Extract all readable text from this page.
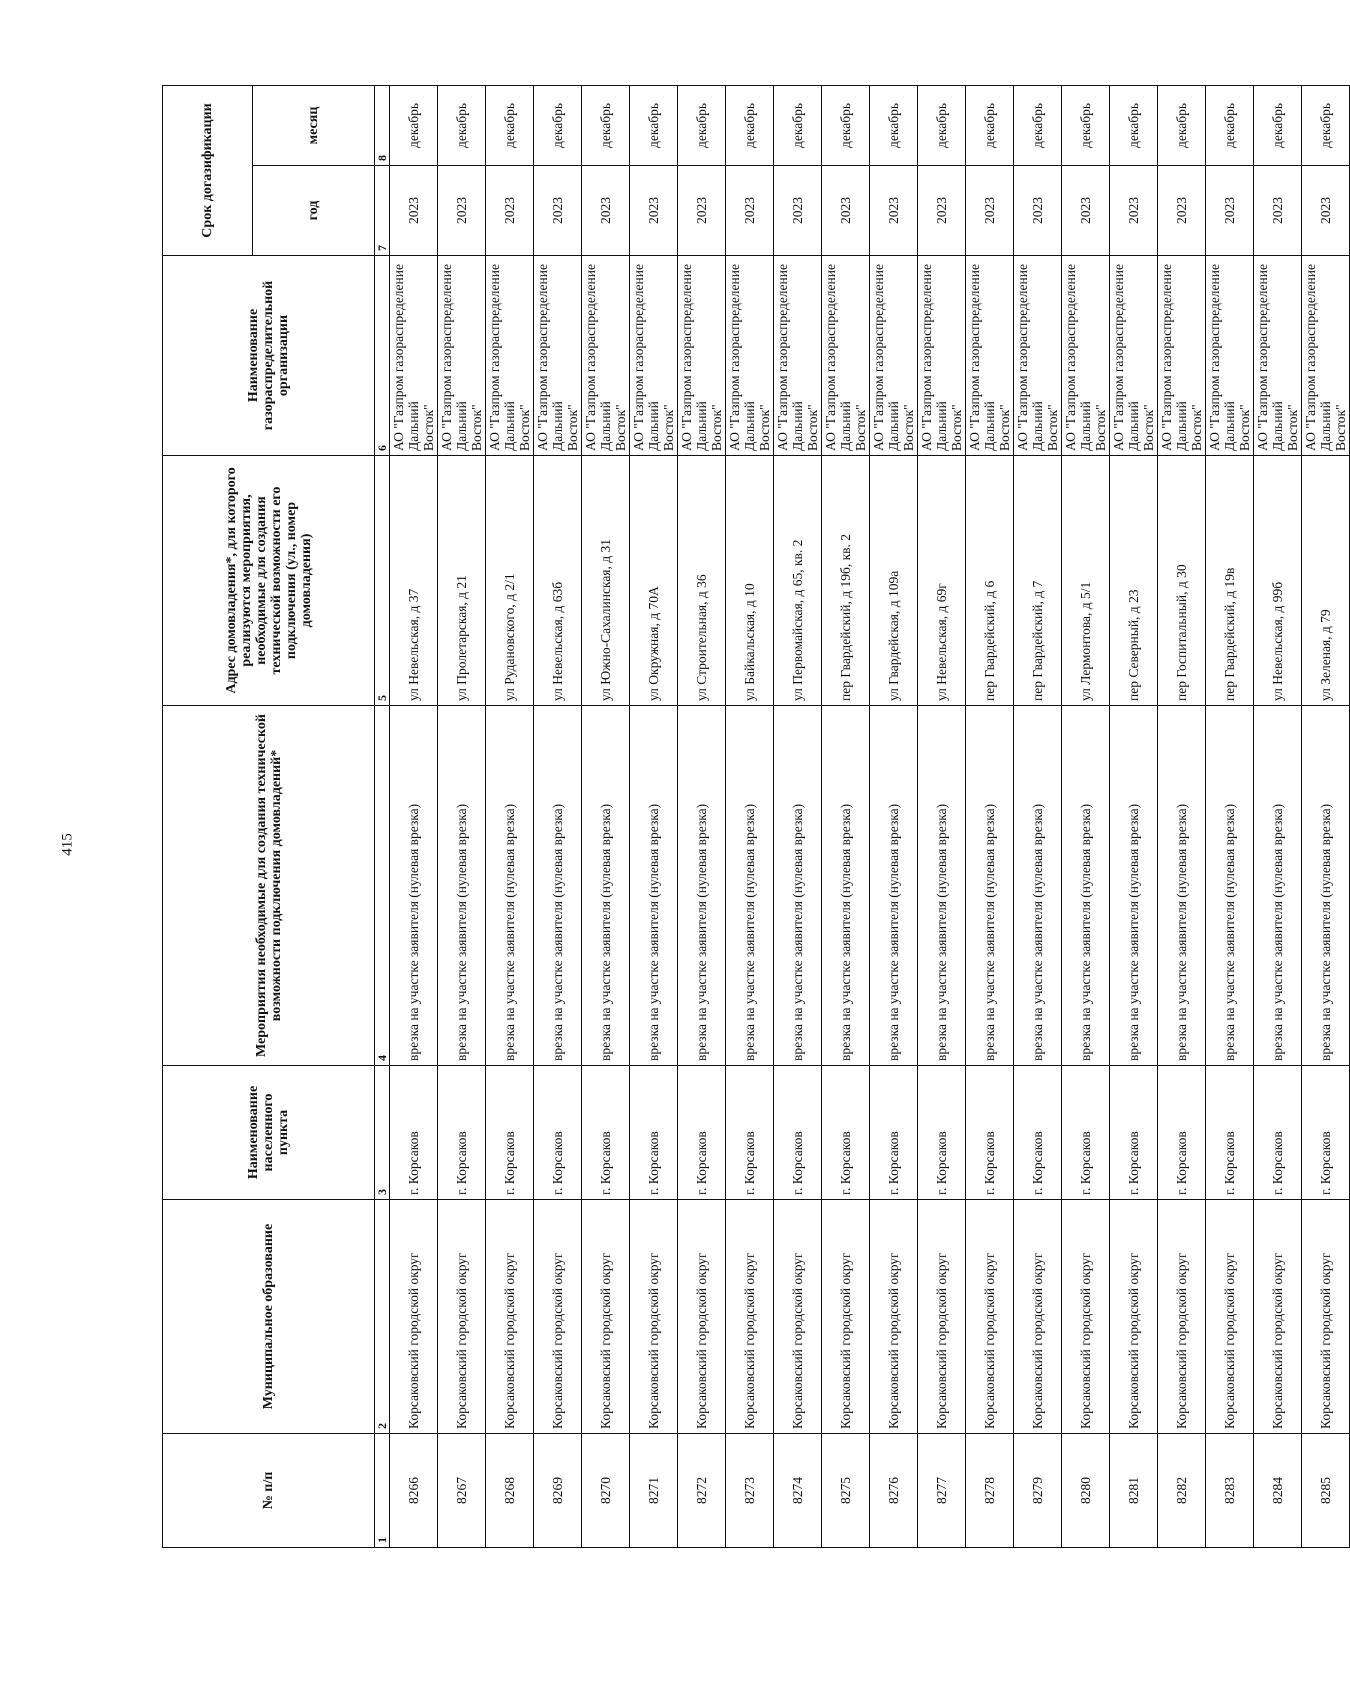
415
№ п/п	Муниципальное образование	Наименование населенного пункта	Мероприятия необходимые для создания технической возможности подключения домовладений*	Адрес домовладения*, для которого реализуются мероприятия, необходимые для создания технической возможности его подключения (ул., номер домовладения)	Наименование газораспределительной организации	Срок догазификации	
						год	месяц
1	2	3	4	5	6	7	8
8266	Корсаковский городской округ	г. Корсаков	врезка на участке заявителя (нулевая врезка)	ул Невельская, д 37	АО "Газпром газораспределение Дальний
Восток"	2023	декабрь
8267	Корсаковский городской округ	г. Корсаков	врезка на участке заявителя (нулевая врезка)	ул Пролетарская, д 21	АО "Газпром газораспределение Дальний
Восток"	2023	декабрь
8268	Корсаковский городской округ	г. Корсаков	врезка на участке заявителя (нулевая врезка)	ул Рудановского, д 2/1	АО "Газпром газораспределение Дальний
Восток"	2023	декабрь
8269	Корсаковский городской округ	г. Корсаков	врезка на участке заявителя (нулевая врезка)	ул Невельская, д 63б	АО "Газпром газораспределение Дальний
Восток"	2023	декабрь
8270	Корсаковский городской округ	г. Корсаков	врезка на участке заявителя (нулевая врезка)	ул Южно-Сахалинская, д 31	АО "Газпром газораспределение Дальний
Восток"	2023	декабрь
8271	Корсаковский городской округ	г. Корсаков	врезка на участке заявителя (нулевая врезка)	ул Окружная, д 70А	АО "Газпром газораспределение Дальний
Восток"	2023	декабрь
8272	Корсаковский городской округ	г. Корсаков	врезка на участке заявителя (нулевая врезка)	ул Строительная, д 36	АО "Газпром газораспределение Дальний
Восток"	2023	декабрь
8273	Корсаковский городской округ	г. Корсаков	врезка на участке заявителя (нулевая врезка)	ул Байкальская, д 10	АО "Газпром газораспределение Дальний
Восток"	2023	декабрь
8274	Корсаковский городской округ	г. Корсаков	врезка на участке заявителя (нулевая врезка)	ул Первомайская, д 65, кв. 2	АО "Газпром газораспределение Дальний
Восток"	2023	декабрь
8275	Корсаковский городской округ	г. Корсаков	врезка на участке заявителя (нулевая врезка)	пер Гвардейский, д 19б, кв. 2	АО "Газпром газораспределение Дальний
Восток"	2023	декабрь
8276	Корсаковский городской округ	г. Корсаков	врезка на участке заявителя (нулевая врезка)	ул Гвардейская, д 109а	АО "Газпром газораспределение Дальний
Восток"	2023	декабрь
8277	Корсаковский городской округ	г. Корсаков	врезка на участке заявителя (нулевая врезка)	ул Невельская, д 69г	АО "Газпром газораспределение Дальний
Восток"	2023	декабрь
8278	Корсаковский городской округ	г. Корсаков	врезка на участке заявителя (нулевая врезка)	пер Гвардейский, д 6	АО "Газпром газораспределение Дальний
Восток"	2023	декабрь
8279	Корсаковский городской округ	г. Корсаков	врезка на участке заявителя (нулевая врезка)	пер Гвардейский, д 7	АО "Газпром газораспределение Дальний
Восток"	2023	декабрь
8280	Корсаковский городской округ	г. Корсаков	врезка на участке заявителя (нулевая врезка)	ул Лермонтова, д 5/1	АО "Газпром газораспределение Дальний
Восток"	2023	декабрь
8281	Корсаковский городской округ	г. Корсаков	врезка на участке заявителя (нулевая врезка)	пер Северный, д 23	АО "Газпром газораспределение Дальний
Восток"	2023	декабрь
8282	Корсаковский городской округ	г. Корсаков	врезка на участке заявителя (нулевая врезка)	пер Госпитальный, д 30	АО "Газпром газораспределение Дальний
Восток"	2023	декабрь
8283	Корсаковский городской округ	г. Корсаков	врезка на участке заявителя (нулевая врезка)	пер Гвардейский, д 19в	АО "Газпром газораспределение Дальний
Восток"	2023	декабрь
8284	Корсаковский городской округ	г. Корсаков	врезка на участке заявителя (нулевая врезка)	ул Невельская, д 99б	АО "Газпром газораспределение Дальний
Восток"	2023	декабрь
8285	Корсаковский городской округ	г. Корсаков	врезка на участке заявителя (нулевая врезка)	ул Зеленая, д 79	АО "Газпром газораспределение Дальний
Восток"	2023	декабрь
